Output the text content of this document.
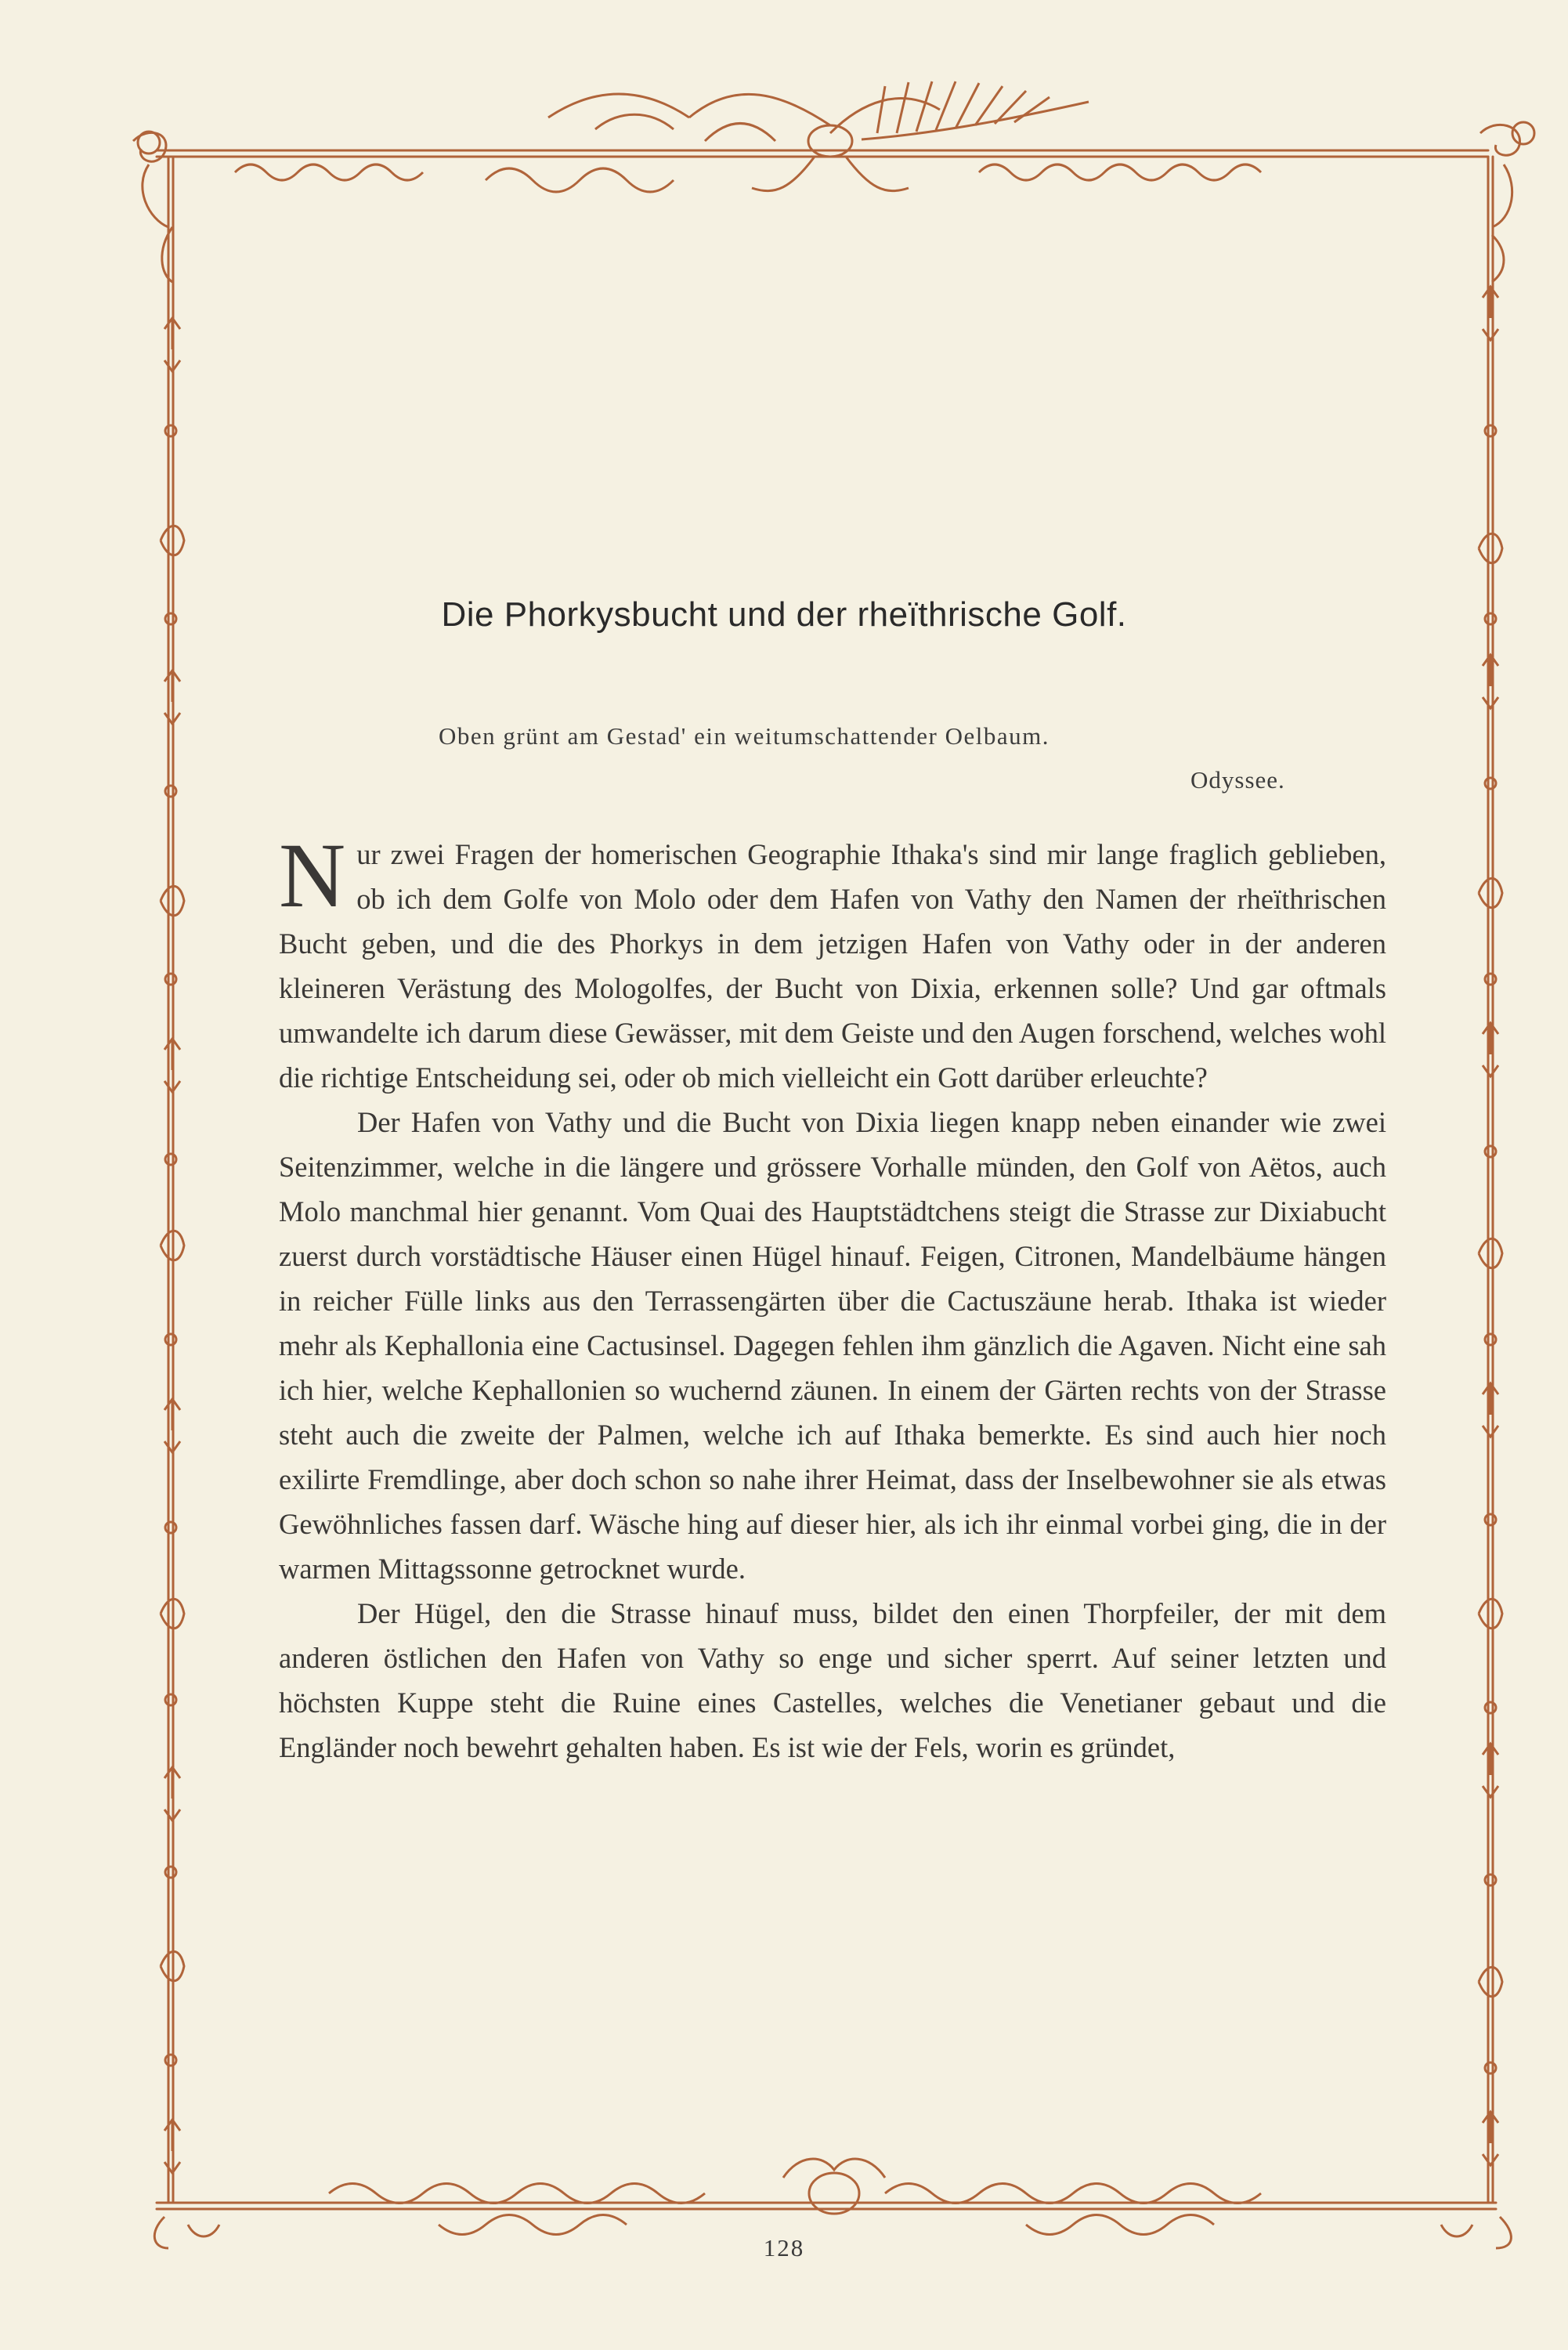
Die Phorkysbucht und der rheïthrische Golf.
Oben grünt am Gestad' ein weitumschattender Oelbaum.
Odyssee.

Nur zwei Fragen der homerischen Geographie Ithaka's sind mir lange fraglich geblieben, ob ich dem Golfe von Molo oder dem Hafen von Vathy den Namen der rheïthrischen Bucht geben, und die des Phorkys in dem jetzigen Hafen von Vathy oder in der anderen kleineren Verästung des Mologolfes, der Bucht von Dixia, erkennen solle? Und gar oftmals umwandelte ich darum diese Gewässer, mit dem Geiste und den Augen forschend, welches wohl die richtige Entscheidung sei, oder ob mich vielleicht ein Gott darüber erleuchte?

Der Hafen von Vathy und die Bucht von Dixia liegen knapp neben einander wie zwei Seitenzimmer, welche in die längere und grössere Vorhalle münden, den Golf von Aëtos, auch Molo manchmal hier genannt. Vom Quai des Hauptstädtchens steigt die Strasse zur Dixiabucht zuerst durch vorstädtische Häuser einen Hügel hinauf. Feigen, Citronen, Mandelbäume hängen in reicher Fülle links aus den Terrassengärten über die Cactuszäune herab. Ithaka ist wieder mehr als Kephallonia eine Cactusinsel. Dagegen fehlen ihm gänzlich die Agaven. Nicht eine sah ich hier, welche Kephallonien so wuchernd zäunen. In einem der Gärten rechts von der Strasse steht auch die zweite der Palmen, welche ich auf Ithaka bemerkte. Es sind auch hier noch exilirte Fremdlinge, aber doch schon so nahe ihrer Heimat, dass der Inselbewohner sie als etwas Gewöhnliches fassen darf. Wäsche hing auf dieser hier, als ich ihr einmal vorbei ging, die in der warmen Mittagssonne getrocknet wurde.

Der Hügel, den die Strasse hinauf muss, bildet den einen Thorpfeiler, der mit dem anderen östlichen den Hafen von Vathy so enge und sicher sperrt. Auf seiner letzten und höchsten Kuppe steht die Ruine eines Castelles, welches die Venetianer gebaut und die Engländer noch bewehrt gehalten haben. Es ist wie der Fels, worin es gründet,

128
